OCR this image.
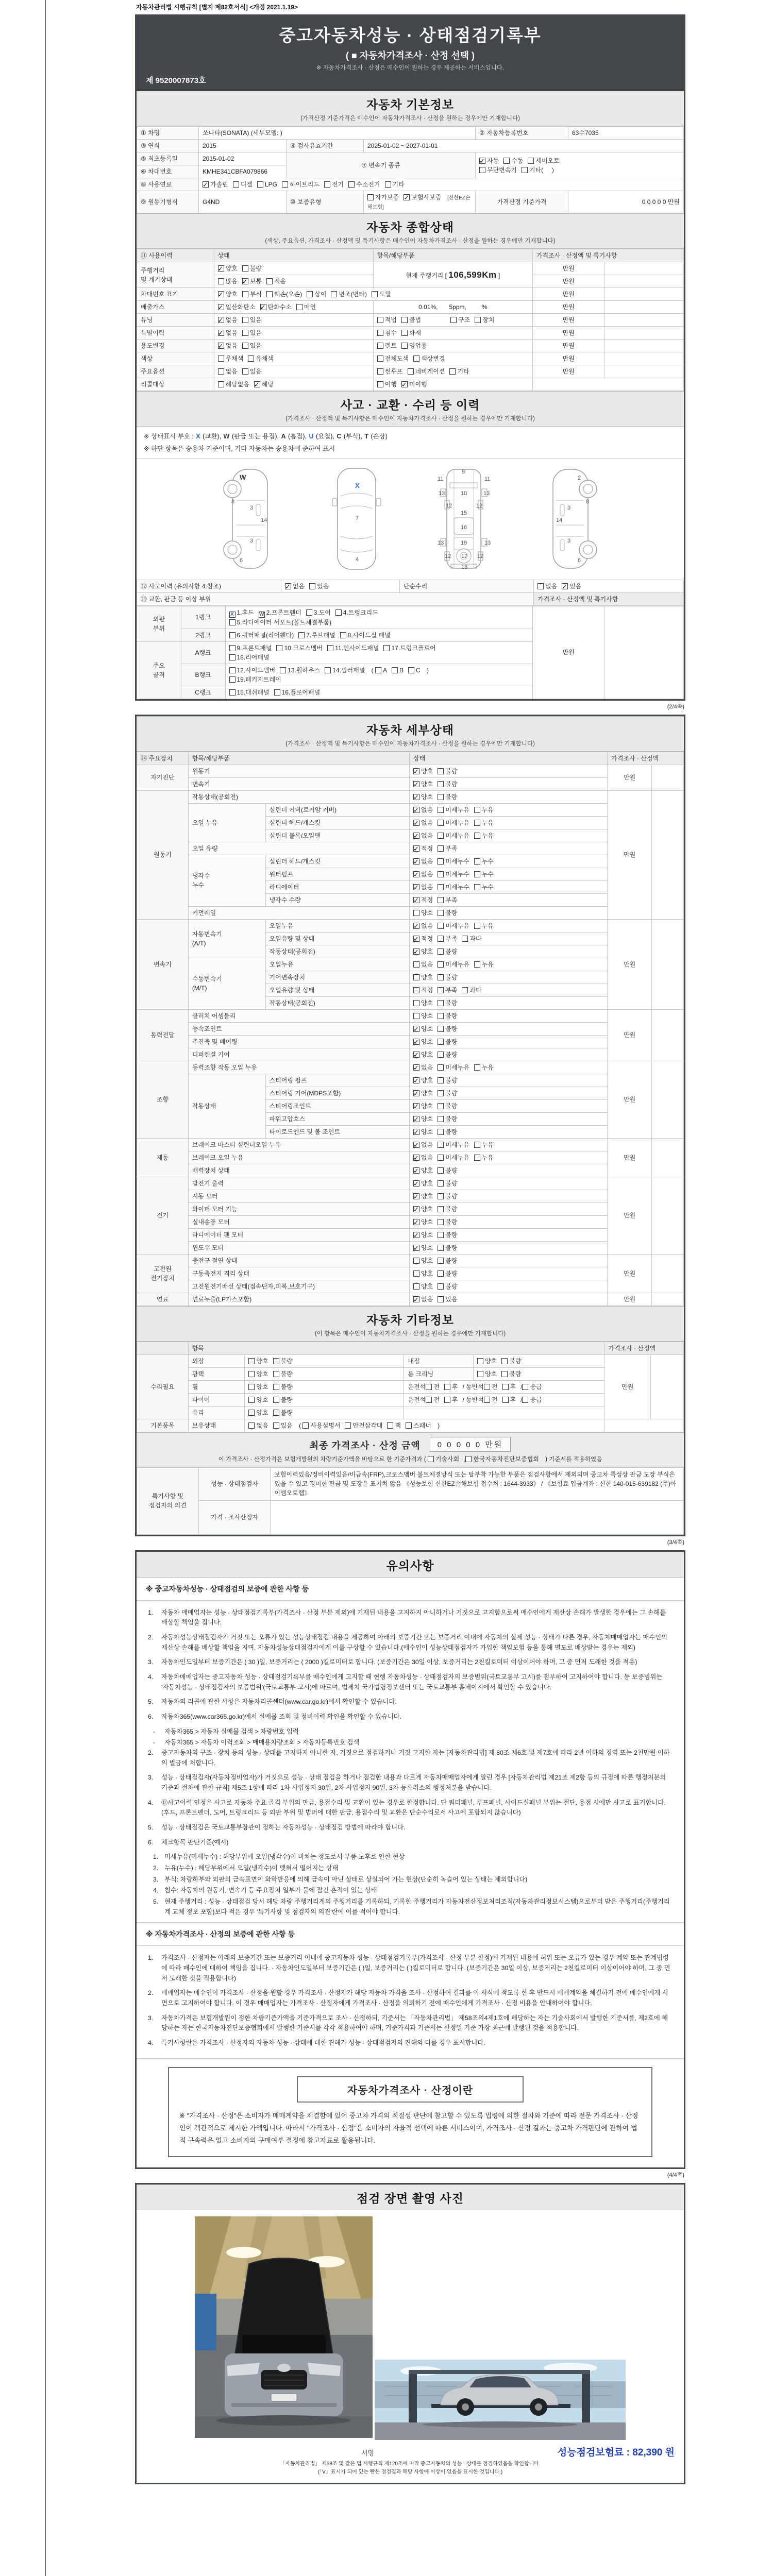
자동차관리법 시행규칙 [별지 제82호서식] <개정 2021.1.19>
중고자동차성능 · 상태점검기록부
( ■ 자동차가격조사 · 산정 선택 )
※ 자동차가격조사 · 산정은 매수인이 원하는 경우 제공하는 서비스입니다.
제 9520007873호
자동차 기본정보
(가격산정 기준가격은 매수인이 자동차가격조사 · 산정을 원하는 경우에만 기재합니다)
① 차명	쏘나타(SONATA) (세부모델: )			② 자동차등록번호	63수7035
③ 연식	2015	④ 검사유효기간	2025-01-02 ~ 2027-01-01		
⑤ 최초등록일	2015-01-02	⑦ 변속기 종류	✓자동 수동 세미오토
무단변속기 기타(     )
⑥ 차대번호	KMHE341CBFA079866				
⑧ 사용연료	✓가솔린 디젤 LPG 하이브리드 전기 수소전기 기타
⑨ 원동기형식	G4ND	⑩ 보증유형	자가보증 ✓ 보험사보증 [신한EZ손해보험]	가격산정 기준가격	0 0 0 0 0 만원
자동차 종합상태
(색상, 주요옵션, 가격조사 · 산정액 및 특기사항은 매수인이 자동차가격조사 · 산정을 원하는 경우에만 기재합니다)
⑪ 사용이력	상태	항목/해당부품	가격조사 · 산정액 및 특기사항	
주행거리
및 계기상태	✓양호 불량	현재 주행거리 [ 106,599Km ]	만원	
	많음 ✓ 보통 적음		만원	
차대번호 표기	✓양호 부식 훼손(오손) 상이 변조(변타) 도말		만원	
배출가스	✓일산화탄소 ✓ 탄화수소 매연	0.01%, 5ppm, %	만원	
튜닝	✓없음 있음	적법 불법 구조 장치	만원	
특별이력	✓없음 있음	침수 화재	만원	
용도변경	✓없음 있음	렌트 영업용	만원	
색상	무채색 유채색	전체도색 색상변경	만원	
주요옵션	없음 있음	썬루프 네비게이션 기타	만원	
리콜대상	해당없음 ✓ 해당	이행 ✓ 미이행	
사고 · 교환 · 수리 등 이력
(가격조사 · 산정액 및 특기사항은 매수인이 자동차가격조사 · 산정을 원하는 경우에만 기재합니다)
※ 상태표시 부호 : X (교환), W (판금 또는 용접), A (흠집), U (요철), C (부식), T (손상)
※ 하단 항목은 승용차 기준이며, 기타 자동차는 승용차에 준하여 표시
W
8
3
14
3
6
X
7
4
9
11	11
13	13
12	12
10
15
16
19
13	13
12	12
17
18
2
8
3
14
3
6
⑫ 사고이력 (유의사항 4.참조)	✓없음 있음	단순수리	없음 ✓ 있음
⑬ 교환, 판금 등 이상 부위			가격조사 · 산정액 및 특기사항
외판
부위	1랭크	X 1.후드 W 2.프론트휀더 3.도어 4.트렁크리드
5.라디에이터 서포트(볼트체결부품)	만원	
	2랭크	6.쿼터패널(리어휀다) 7.루브패널 8.사이드실 패널		
주요
골격	A랭크	9.프론트패널 10.크로스멤버 11.인사이드패널 17.트렁크플로어
18.리어패널		
	B랭크	12.사이드멤버 13.휠하우스 14.필러패널 ( A B C )
19.패키지트레이		
	C랭크	15.대쉬패널 16.플로어패널		
(2/4쪽)
자동차 세부상태
(가격조사 · 산정액 및 특기사항은 매수인이 자동차가격조사 · 산정을 원하는 경우에만 기재합니다)
⑭ 주요장치	항목/해당부품		상태	가격조사 · 산정액	
자기진단	원동기	✓양호 불량	만원	
	변속기	✓양호 불량
원동기	작동상태(공회전)	✓양호 불량	만원	
	오일 누유	실린더 커버(로커암 커버)	✓없음 미세누유 누유
		실린더 헤드/개스킷	✓없음 미세누유 누유
		실린더 블록/오일팬	✓없음 미세누유 누유
	오일 유량	✓적정 부족
	냉각수
누수	실린더 헤드/개스킷	✓없음 미세누수 누수
		워터펌프	✓없음 미세누수 누수
		라디에이터	✓없음 미세누수 누수
		냉각수 수량	✓적정 부족
	커먼레일		양호 불량		
변속기	자동변속기
(A/T)	오일누유	✓없음 미세누유 누유	만원	
		오일유량 및 상태	✓적정 부족 과다
		작동상태(공회전)	✓양호 불량
	수동변속기
(M/T)	오일누유	없음 미세누유 누유		
		기어변속장치	양호 불량		
		오일유량 및 상태	적정 부족 과다		
		작동상태(공회전)	양호 불량		
동력전달	클러치 어셈블리		양호 불량	만원	
	등속죠인트	✓양호 불량
	추진축 및 베어링	✓양호 불량
	디퍼렌셜 기어	✓양호 불량
조향	동력조향 작동 오일 누유	✓없음 미세누유 누유	만원	
	작동상태	스티어링 펌프	✓양호 불량
		스티어링 기어(MDPS포함)	✓양호 불량
		스티어링조인트	✓양호 불량
		파워고압호스	✓양호 불량
		타이로드엔드 및 볼 조인트	✓양호 불량
제동	브레이크 마스터 실린더오일 누유	✓없음 미세누유 누유	만원	
	브레이크 오일 누유	✓없음 미세누유 누유
	배력장치 상태	✓양호 불량
전기	발전기 출력	✓양호 불량	만원	
	시동 모터	✓양호 불량
	와이퍼 모터 기능	✓양호 불량
	실내송풍 모터	✓양호 불량
	라디에이터 팬 모터	✓양호 불량
	윈도우 모터	✓양호 불량
고전원
전기장치	충전구 절연 상태		양호 불량	만원	
	구동축전지 격리 상태		양호 불량		
	고전원전기배선 상태(접속단자,피복,보호기구)		양호 불량		
연료	연료누출(LP가스포함)	✓없음 있음	만원	
자동차 기타정보
(이 항목은 매수인이 자동차가격조사 · 산정을 원하는 경우에만 기재합니다)
	항목				가격조사 · 산정액	
수리필요	외장	양호 불량	내장	양호 불량	만원	
	광택	양호 불량	룸 크리닝	양호 불량		
	휠	양호 불량	운전석 전 후 / 동반석 전 후 / 응급			
	타이어	양호 불량	운전석 전 후 / 동반석 전 후 / 응급			
	유리	양호 불량				
기본품목	보유상태	없음 있음 ( 사용설명서 안전삼각대 잭 스패너 )				
최종 가격조사 · 산정 금액 0 0 0 0 0 만원
이 가격조사 · 산정가격은 보험개발원의 차량기준가액을 바탕으로 한 기준가격과 ( 기술사회 , 한국자동차진단보증협회 ) 기준서를 적용하였음
특기사항 및
점검자의 의견	성능 · 상태점검자	보험이력있음/정비이력있음/비금속(FRP),크로스멤버 볼트체결방식 또는 탈부착 가능한 부품은 점검사항에서 제외되며 중고차 특성상 판금 도장 부식은 있을 수 있고 경미한 판금 및 도장은 표기치 않음 《성능보험 신한EZ손해보험 접수처 : 1644-3933》 / 《보험료 입금계좌 : 신한 140-015-639182 (주)아이엠오토랩》
	가격 · 조사산정자	
(3/4쪽)
유의사항
※ 중고자동차성능 · 상태점검의 보증에 관한 사항 등
1.	자동차 매매업자는 성능 · 상태점검기록부(가격조사 · 산정 부분 제외)에 기재된 내용을 고지하지 아니하거나 거짓으로 고지함으로써 매수인에게 재산상 손해가 발생한 경우에는 그 손해를 배상할 책임을 집니다.
2.	자동차성능상태점검자가 거짓 또는 오류가 있는 성능상태점검 내용을 제공하여 아래의 보증기간 또는 보증거리 이내에 자동차의 실제 성능 · 상태가 다른 경우, 자동차매매업자는 매수인의 재산상 손해를 배상할 책임을 지며, 자동차성능상태점검자에게 이를 구상할 수 있습니다.(매수인이 성능상태점검자가 가입한 책임보험 등을 통해 별도로 배상받는 경우는 제외)
3.	자동차인도일부터 보증기간은 ( 30 )일, 보증거리는 ( 2000 )킬로미터로 합니다. (보증기간은 30일 이상, 보증거리는 2천킬로미터 이상이어야 하며, 그 중 먼저 도래한 것을 적용)
4.	자동차매매업자는 중고자동차 성능 · 상태점검기록부를 매수인에게 고지할 때 현행 자동차성능 · 상태점검자의 보증범위(국토교통부 고시)를 첨부하여 고지하여야 합니다. 동 보증범위는 '자동차성능 · 상태점검자의 보증범위'(국토교통부 고시)에 따르며, 법제처 국가법령정보센터 또는 국토교통부 홈페이지에서 확인할 수 있습니다.
5.	자동차의 리콜에 관한 사항은 자동차리콜센터(www.car.go.kr)에서 확인할 수 있습니다.
6.	자동차365(www.car365.go.kr)에서 실매물 조회 및 정비이력 확인을 확인할 수 있습니다.
-	자동차365 > 자동차 실매물 검색 > 차량번호 입력
-	자동차365 > 자동차 이력조회 > 매매용차량조회 > 자동차등록번호 검색
2.	중고자동차의 구조 · 장치 등의 성능 · 상태를 고지하지 아니한 자, 거짓으로 점검하거나 거짓 고지한 자는 [자동차관리법] 제 80조 제6호 및 제7호에 따라 2년 이하의 징역 또는 2천만원 이하의 벌금에 처합니다.
3.	성능 · 상태점검자(자동차정비업자)가 거짓으로 성능 · 상태 점검을 하거나 점검한 내용과 다르게 자동차매매업자에게 알린 경우 [자동차관리법 제21조 제2항 등의 규정에 따른 행정처분의 기준과 절차에 관한 규칙] 제5조 1항에 따라 1차 사업정지 30일, 2차 사업정지 90일, 3차 등록취소의 행정처분을 받습니다.
4.	⑫사고이력 인정은 사고로 자동차 주요 골격 부위의 판금, 용접수리 및 교환이 있는 경우로 한정합니다. 단 쿼터패널, 루프패널, 사이드실패널 부위는 절단, 용접 시에만 사고로 표기합니다. (후드, 프론트펜더, 도어, 트렁크리드 등 외판 부위 및 범퍼에 대한 판금, 용접수리 및 교환은 단순수리로서 사고에 포함되지 않습니다)
5.	성능 · 상태점검은 국토교통부장관이 정하는 자동차성능 · 상태점검 방법에 따라야 합니다.
6.	체크항목 판단기준(예시)
1. 미세누유(미세누수) : 해당부위에 오일(냉각수)이 비치는 정도로서 부품 노후로 인한 현상
2. 누유(누수) : 해당부위에서 오일(냉각수)이 맺혀서 떨어지는 상태
3. 부식: 차량하부와 외판의 금속표면이 화학반응에 의해 금속이 아닌 상태로 상실되어 가는 현상(단순히 녹슬어 있는 상태는 제외합니다)
4. 침수: 자동차의 원동기, 변속기 등 주요장치 일부가 물에 잠긴 흔적이 있는 상태
5. 현재 주행거리 : 성능 · 상태점검 당시 해당 차량 주행거리계의 주행거리를 기록하되, 기록한 주행거리가 자동차전산정보처리조직(자동차관리정보시스템)으로부터 받은 주행거리(주행거리계 교체 정보 포함)보다 적은 경우 '특기사항 및 점검자의 의견'란에 이를 적어야 합니다.
※ 자동차가격조사 · 산정의 보증에 관한 사항 등
1.	가격조사 · 산정자는 아래의 보증기간 또는 보증거리 이내에 중고자동차 성능 · 상태점검기록부(가격조사 · 산정 부분 한정)에 기재된 내용에 허위 또는 오류가 있는 경우 계약 또는 관계법령에 따라 매수인에 대하여 책임을 집니다. · 자동차인도일부터 보증기간은 ( )일, 보증거리는 ( )킬로미터로 합니다. (보증기간은 30일 이상, 보증거리는 2천킬로미터 이상이어야 하며, 그 중 먼저 도래한 것을 적용합니다)
2.	매매업자는 매수인이 가격조사 · 산정을 원할 경우 가격조사 · 산정자가 해당 자동차 가격을 조사 · 산정하여 결과를 이 서식에 적도록 한 후 반드시 매매계약을 체결하기 전에 매수인에게 서면으로 고지하여야 합니다. 이 경우 매매업자는 가격조사 · 산정자에게 가격조사 · 산정을 의뢰하기 전에 매수인에게 가격조사 · 산정 비용을 안내하여야 합니다.
3.	자동차가격은 보험개발원이 정한 차량기준가액을 기준가격으로 조사 · 산정하되, 기준서는 「자동차관리법」 제58조의4제1호에 해당하는 자는 기술사회에서 발행한 기준서를, 제2호에 해당하는 자는 한국자동차진단보증협회에서 발행한 기준서를 각각 적용하여야 하며, 기준가격과 기준서는 산정일 기준 가장 최근에 발행된 것을 적용합니다.
4.	특기사항란은 가격조사 · 산정자의 자동차 성능 · 상태에 대한 견해가 성능 · 상태점검자의 견해와 다를 경우 표시합니다.
자동차가격조사 · 산정이란
※ "가격조사 · 산정"은 소비자가 매매계약을 체결함에 있어 중고차 가격의 적절성 판단에 참고할 수 있도록 법령에 의한 절차와 기준에 따라 전문 가격조사 · 산정인이 객관적으로 제시한 가액입니다. 따라서 "가격조사 · 산정"은 소비자의 자율적 선택에 따른 서비스이며, 가격조사 · 산정 결과는 중고차 가격판단에 관하여 법적 구속력은 없고 소비자의 구매여부 결정에 참고자료로 활용됩니다.
(4/4쪽)
점검 장면 촬영 사진

서명	성능점검보험료 : 82,390 원
「자동차관리법」 제58조 및 같은 법 시행규칙 제120조에 따라 중고자동차의 성능 · 상태를 점검하였음을 확인합니다.
(「V」표시가 되어 있는 란은 점검결과 해당 사항에 이상이 없음을 표시한 것입니다.)
